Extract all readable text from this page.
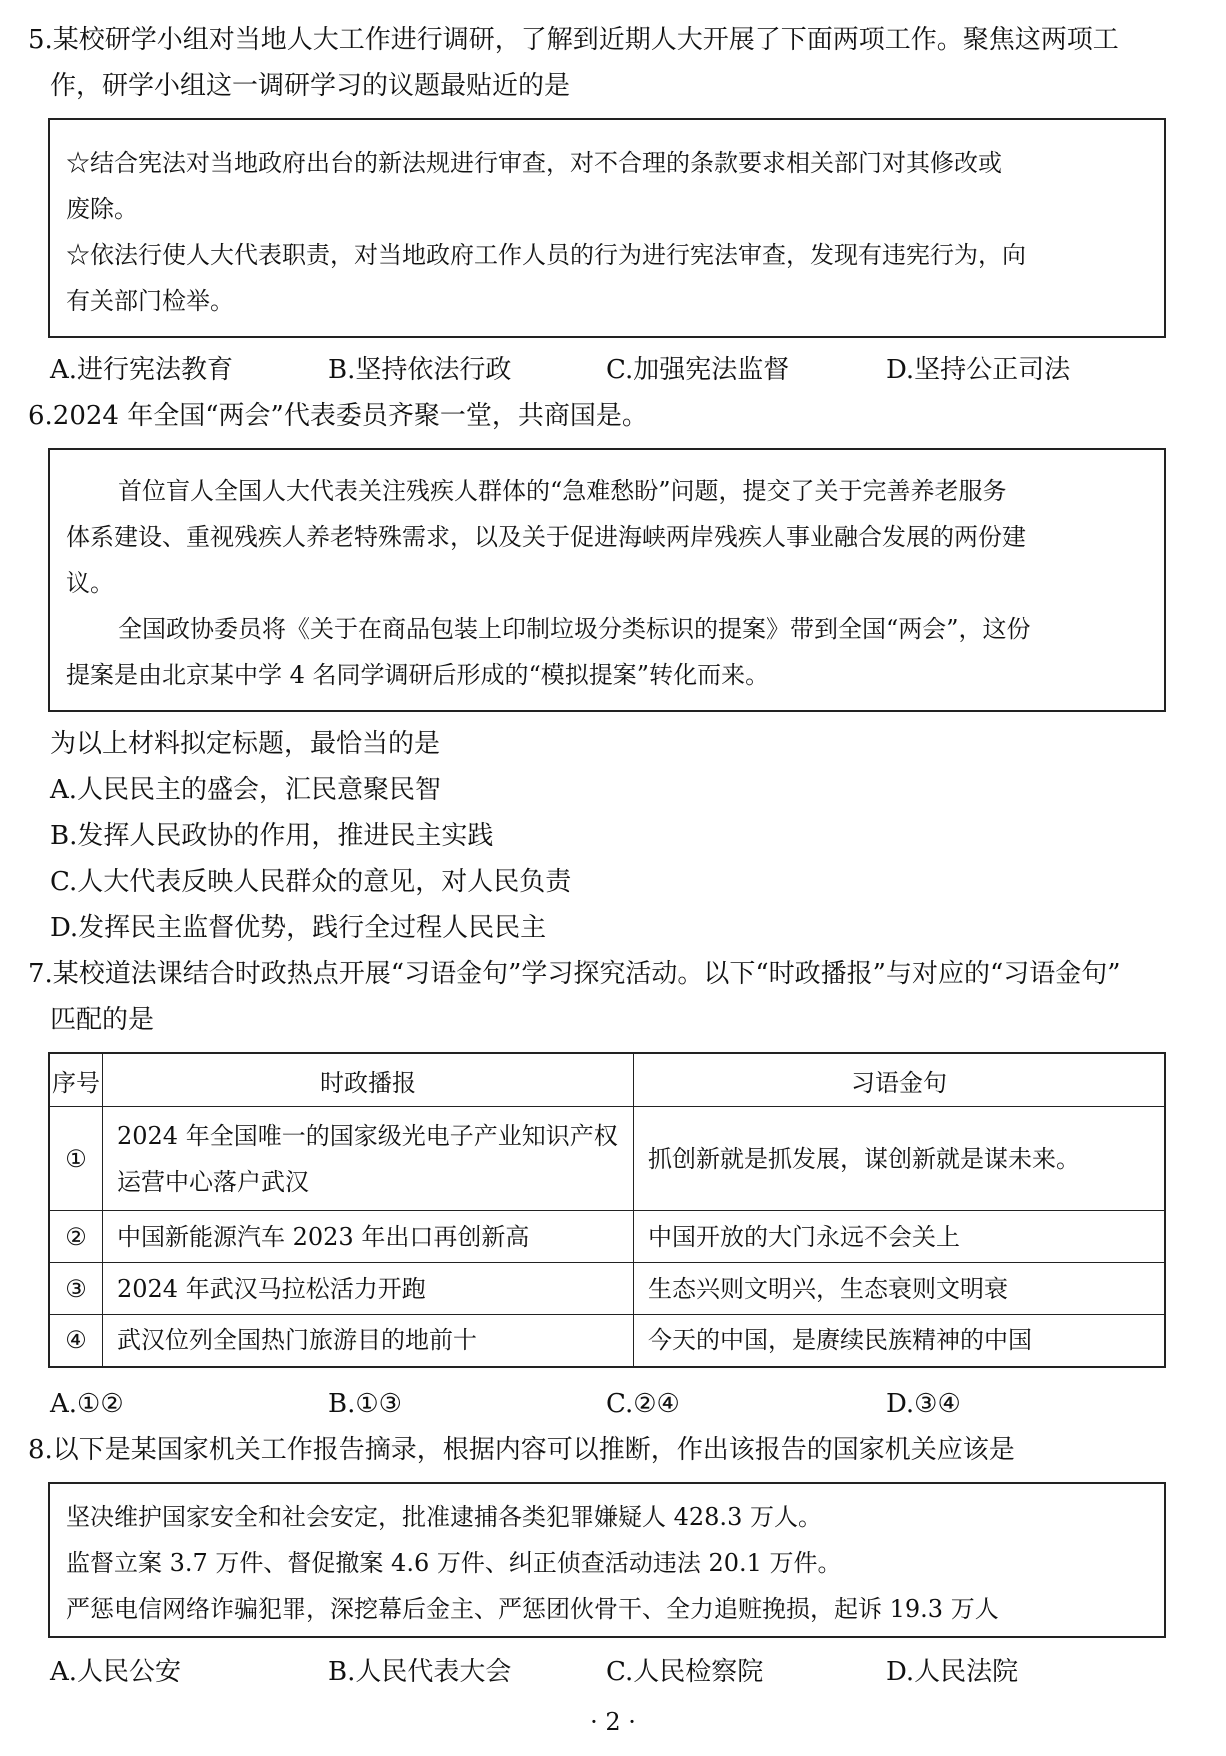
5.某校研学小组对当地人大工作进行调研，了解到近期人大开展了下面两项工作。聚焦这两项工
作，研学小组这一调研学习的议题最贴近的是

☆结合宪法对当地政府出台的新法规进行审查，对不合理的条款要求相关部门对其修改或

废除。

☆依法行使人大代表职责，对当地政府工作人员的行为进行宪法审查，发现有违宪行为，向

有关部门检举。

A.进行宪法教育	B.坚持依法行政	C.加强宪法监督	D.坚持公正司法
6.2024 年全国“两会”代表委员齐聚一堂，共商国是。

首位盲人全国人大代表关注残疾人群体的“急难愁盼”问题，提交了关于完善养老服务

体系建设、重视残疾人养老特殊需求，以及关于促进海峡两岸残疾人事业融合发展的两份建

议。

全国政协委员将《关于在商品包装上印制垃圾分类标识的提案》带到全国“两会”，这份

提案是由北京某中学 4 名同学调研后形成的“模拟提案”转化而来。

为以上材料拟定标题，最恰当的是
A.人民民主的盛会，汇民意聚民智
B.发挥人民政协的作用，推进民主实践
C.人大代表反映人民群众的意见，对人民负责
D.发挥民主监督优势，践行全过程人民民主
7.某校道法课结合时政热点开展“习语金句”学习探究活动。以下“时政播报”与对应的“习语金句”
匹配的是
序号	时政播报	习语金句
①	2024 年全国唯一的国家级光电子产业知识产权运营中心落户武汉	抓创新就是抓发展，谋创新就是谋未来。
②	中国新能源汽车 2023 年出口再创新高	中国开放的大门永远不会关上
③	2024 年武汉马拉松活力开跑	生态兴则文明兴，生态衰则文明衰
④	武汉位列全国热门旅游目的地前十	今天的中国，是赓续民族精神的中国
A.①②	B.①③	C.②④	D.③④
8.以下是某国家机关工作报告摘录，根据内容可以推断，作出该报告的国家机关应该是

坚决维护国家安全和社会安定，批准逮捕各类犯罪嫌疑人 428.3 万人。

监督立案 3.7 万件、督促撤案 4.6 万件、纠正侦查活动违法 20.1 万件。

严惩电信网络诈骗犯罪，深挖幕后金主、严惩团伙骨干、全力追赃挽损，起诉 19.3 万人

A.人民公安	B.人民代表大会	C.人民检察院	D.人民法院
· 2 ·
